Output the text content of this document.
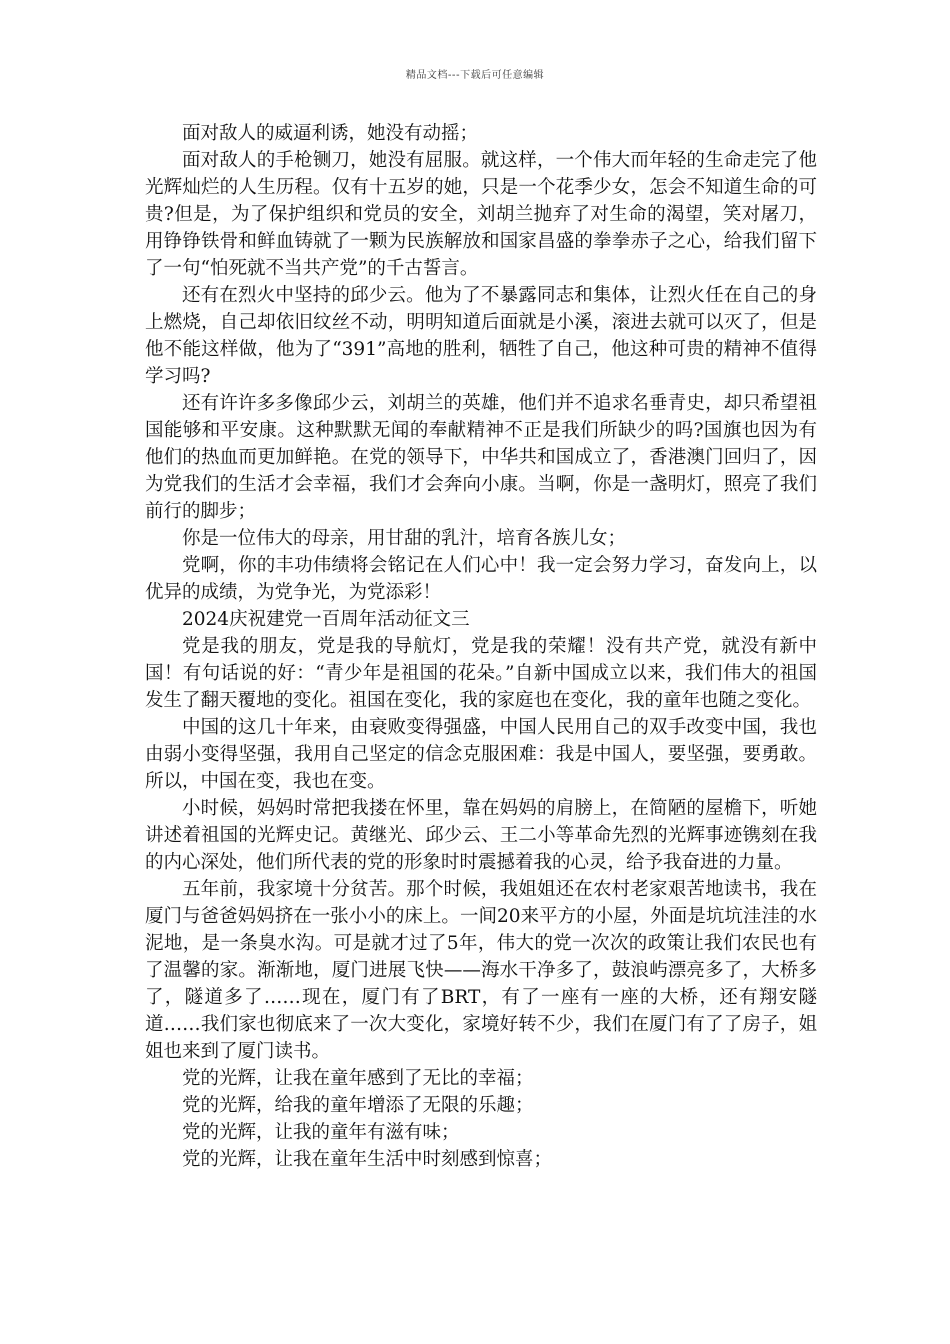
精品文档---下载后可任意编辑

面对敌人的威逼利诱，她没有动摇；

面对敌人的手枪铡刀，她没有屈服。就这样，一个伟大而年轻的生命走完了他光辉灿烂的人生历程。仅有十五岁的她，只是一个花季少女，怎会不知道生命的可贵?但是，为了保护组织和党员的安全，刘胡兰抛弃了对生命的渴望，笑对屠刀，用铮铮铁骨和鲜血铸就了一颗为民族解放和国家昌盛的拳拳赤子之心，给我们留下了一句“怕死就不当共产党”的千古誓言。

还有在烈火中坚持的邱少云。他为了不暴露同志和集体，让烈火任在自己的身上燃烧，自己却依旧纹丝不动，明明知道后面就是小溪，滚进去就可以灭了，但是他不能这样做，他为了“391”高地的胜利，牺牲了自己，他这种可贵的精神不值得学习吗?

还有许许多多像邱少云，刘胡兰的英雄，他们并不追求名垂青史，却只希望祖国能够和平安康。这种默默无闻的奉献精神不正是我们所缺少的吗?国旗也因为有他们的热血而更加鲜艳。在党的领导下，中华共和国成立了，香港澳门回归了，因为党我们的生活才会幸福，我们才会奔向小康。当啊，你是一盏明灯，照亮了我们前行的脚步；

你是一位伟大的母亲，用甘甜的乳汁，培育各族儿女；

党啊，你的丰功伟绩将会铭记在人们心中！我一定会努力学习，奋发向上，以优异的成绩，为党争光，为党添彩！

2024庆祝建党一百周年活动征文三

党是我的朋友，党是我的导航灯，党是我的荣耀！没有共产党，就没有新中国！有句话说的好：“青少年是祖国的花朵。”自新中国成立以来，我们伟大的祖国发生了翻天覆地的变化。祖国在变化，我的家庭也在变化，我的童年也随之变化。

中国的这几十年来，由衰败变得强盛，中国人民用自己的双手改变中国，我也由弱小变得坚强，我用自己坚定的信念克服困难：我是中国人，要坚强，要勇敢。所以，中国在变，我也在变。

小时候，妈妈时常把我搂在怀里，靠在妈妈的肩膀上，在简陋的屋檐下，听她讲述着祖国的光辉史记。黄继光、邱少云、王二小等革命先烈的光辉事迹镌刻在我的内心深处，他们所代表的党的形象时时震撼着我的心灵，给予我奋进的力量。

五年前，我家境十分贫苦。那个时候，我姐姐还在农村老家艰苦地读书，我在厦门与爸爸妈妈挤在一张小小的床上。一间20来平方的小屋，外面是坑坑洼洼的水泥地，是一条臭水沟。可是就才过了5年，伟大的党一次次的政策让我们农民也有了温馨的家。渐渐地，厦门进展飞快——海水干净多了，鼓浪屿漂亮多了，大桥多了，隧道多了……现在，厦门有了BRT，有了一座有一座的大桥，还有翔安隧道……我们家也彻底来了一次大变化，家境好转不少，我们在厦门有了了房子，姐姐也来到了厦门读书。

党的光辉，让我在童年感到了无比的幸福；

党的光辉，给我的童年增添了无限的乐趣；

党的光辉，让我的童年有滋有味；

党的光辉，让我在童年生活中时刻感到惊喜；
